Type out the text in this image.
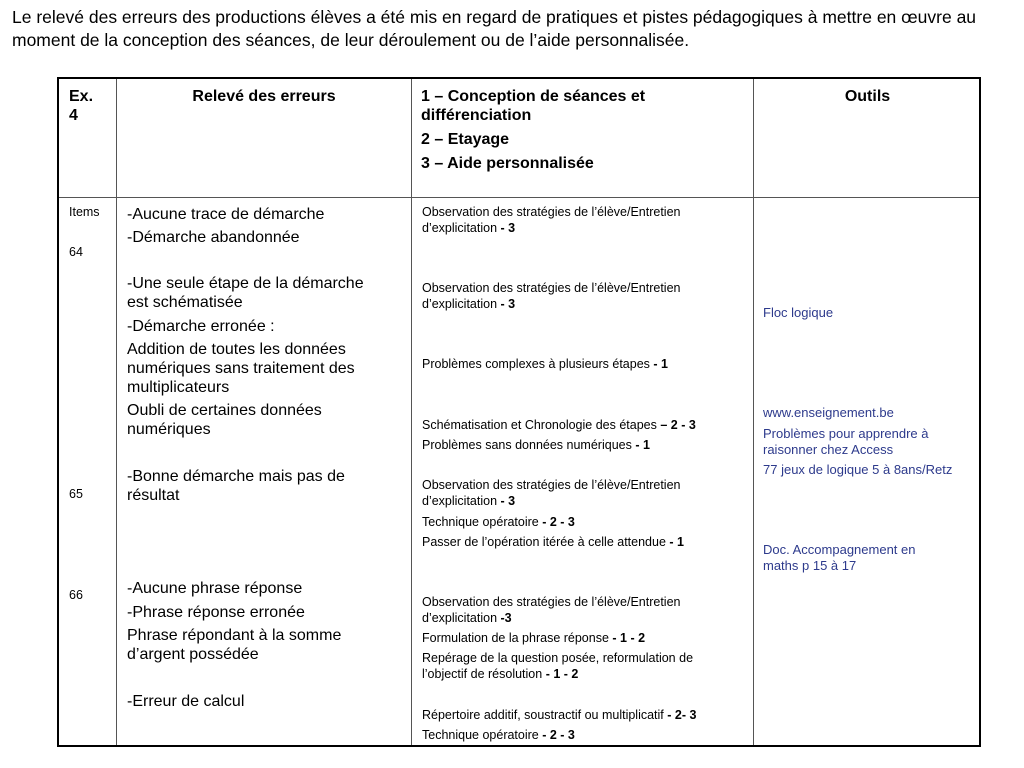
Le relevé des erreurs des productions élèves a été mis en regard de pratiques et pistes pédagogiques à mettre en œuvre au moment de la conception des séances, de leur déroulement ou de l’aide personnalisée.

Ex.
4
Relevé des erreurs	1 – Conception de séances et
différenciation
2 – Etayage
3 – Aide personnalisée
Outils
Items
64
65
66
-Aucune trace de démarche
-Démarche abandonnée
-Une seule étape de la démarche
est schématisée
-Démarche erronée :
Addition de toutes les données
numériques sans traitement des
multiplicateurs
Oubli de certaines données
numériques
-Bonne démarche mais pas de
résultat
-Aucune phrase réponse
-Phrase réponse erronée
Phrase répondant à la somme
d’argent possédée
-Erreur de calcul
Observation des stratégies de l’élève/Entretien
d’explicitation - 3
Observation des stratégies de l’élève/Entretien
d’explicitation - 3
Problèmes complexes à plusieurs étapes - 1
Schématisation et Chronologie des étapes – 2 - 3
Problèmes sans données numériques - 1
Observation des stratégies de l’élève/Entretien
d’explicitation - 3
Technique opératoire - 2 - 3
Passer de l’opération itérée à celle attendue - 1
Observation des stratégies de l’élève/Entretien
d’explicitation -3
Formulation de la phrase réponse - 1 - 2
Repérage de la question posée, reformulation de
l’objectif de résolution - 1 - 2
Répertoire additif, soustractif ou multiplicatif - 2- 3
Technique opératoire - 2 - 3
Floc logique
www.enseignement.be
Problèmes pour apprendre à
raisonner chez Access
77 jeux de logique 5 à 8ans/Retz
Doc. Accompagnement en
maths p 15 à 17
